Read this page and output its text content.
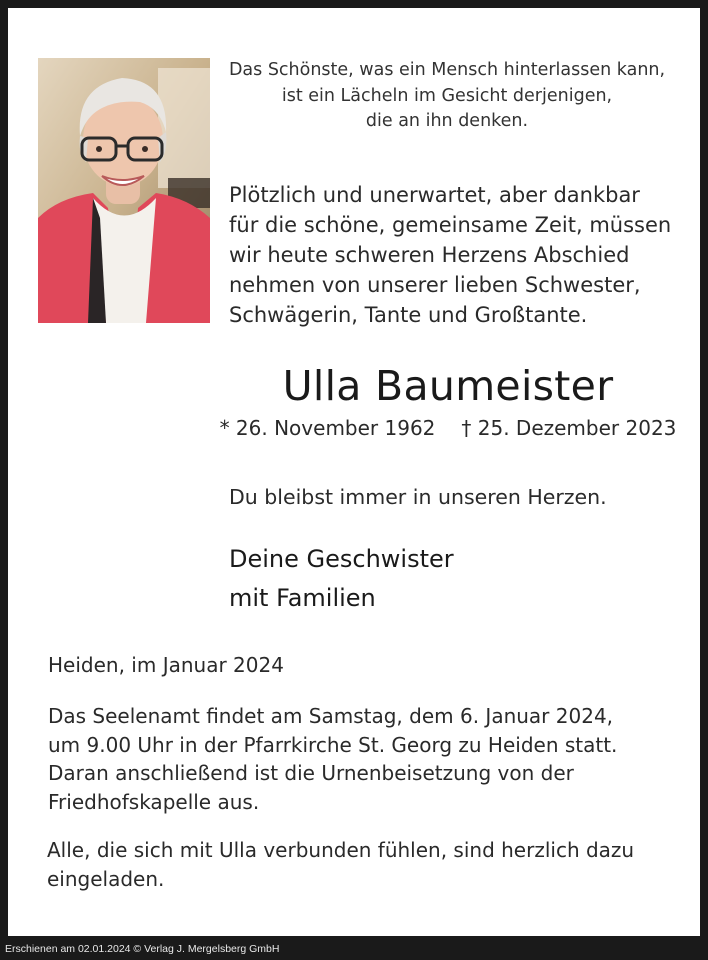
Das Schönste, was ein Mensch hinterlassen kann,
ist ein Lächeln im Gesicht derjenigen,
die an ihn denken.
Plötzlich und unerwartet, aber dankbar
für die schöne, gemeinsame Zeit, müssen
wir heute schweren Herzens Abschied
nehmen von unserer lieben Schwester,
Schwägerin, Tante und Großtante.
Ulla Baumeister
* 26. November 1962 † 25. Dezember 2023
Du bleibst immer in unseren Herzen.
Deine Geschwister
mit Familien
Heiden, im Januar 2024
Das Seelenamt findet am Samstag, dem 6. Januar 2024,
um 9.00 Uhr in der Pfarrkirche St. Georg zu Heiden statt.
Daran anschließend ist die Urnenbeisetzung von der
Friedhofskapelle aus.
Alle, die sich mit Ulla verbunden fühlen, sind herzlich dazu
eingeladen.
Erschienen am 02.01.2024 © Verlag J. Mergelsberg GmbH
